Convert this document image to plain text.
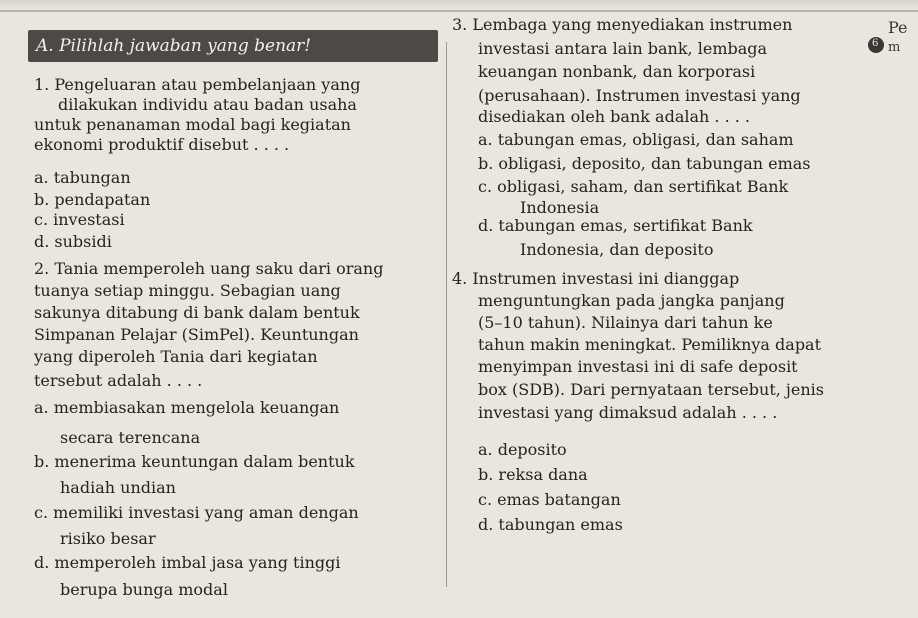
A. Pilihlah jawaban yang benar!
1. Pengeluaran atau pembelanjaan yang
dilakukan individu atau badan usaha
untuk penanaman modal bagi kegiatan
ekonomi produktif disebut . . . .
a. tabungan
b. pendapatan
c. investasi
d. subsidi
2. Tania memperoleh uang saku dari orang
tuanya setiap minggu. Sebagian uang
sakunya ditabung di bank dalam bentuk
Simpanan Pelajar (SimPel). Keuntungan
yang diperoleh Tania dari kegiatan
tersebut adalah . . . .
a. membiasakan mengelola keuangan
secara terencana
b. menerima keuntungan dalam bentuk
hadiah undian
c. memiliki investasi yang aman dengan
risiko besar
d. memperoleh imbal jasa yang tinggi
berupa bunga modal
3. Lembaga yang menyediakan instrumen
investasi antara lain bank, lembaga
keuangan nonbank, dan korporasi
(perusahaan). Instrumen investasi yang
disediakan oleh bank adalah . . . .
a. tabungan emas, obligasi, dan saham
b. obligasi, deposito, dan tabungan emas
c. obligasi, saham, dan sertifikat Bank
Indonesia
d. tabungan emas, sertifikat Bank
Indonesia, dan deposito
4. Instrumen investasi ini dianggap
menguntungkan pada jangka panjang
(5–10 tahun). Nilainya dari tahun ke
tahun makin meningkat. Pemiliknya dapat
menyimpan investasi ini di safe deposit
box (SDB). Dari pernyataan tersebut, jenis
investasi yang dimaksud adalah . . . .
a. deposito
b. reksa dana
c. emas batangan
d. tabungan emas
6
Pe
m
